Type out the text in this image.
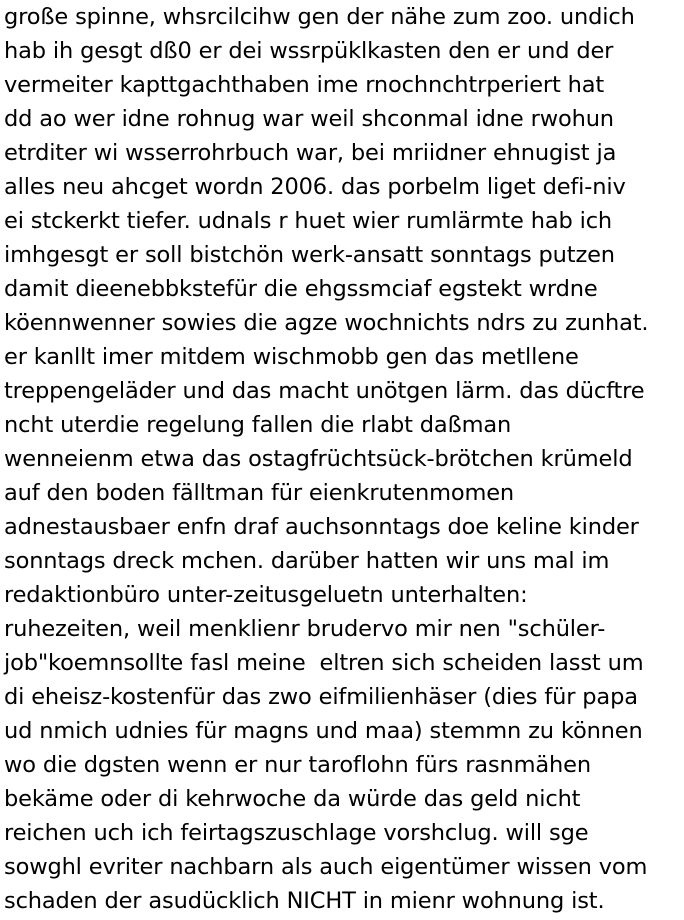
große spinne, whsrcilcihw gen der nähe zum zoo. undich
hab ih gesgt dß0 er dei wssrpüklkasten den er und der
vermeiter kapttgachthaben ime rnochnchtrperiert hat
dd ao wer idne rohnug war weil shconmal idne rwohun
etrditer wi wsserrohrbuch war, bei mriidner ehnugist ja
alles neu ahcget wordn 2006. das porbelm liget defi-niv
ei stckerkt tiefer. udnals r huet wier rumlärmte hab ich
imhgesgt er soll bistchön werk-ansatt sonntags putzen
damit dieenebbkstefür die ehgssmciaf egstekt wrdne
köennwenner sowies die agze wochnichts ndrs zu zunhat.
er kanllt imer mitdem wischmobb gen das metllene
treppengeläder und das macht unötgen lärm. das dücftre
ncht uterdie regelung fallen die rlabt daßman
wenneienm etwa das ostagfrüchtsück-brötchen krümeld
auf den boden fälltman für eienkrutenmomen
adnestausbaer enfn draf auchsonntags doe keline kinder
sonntags dreck mchen. darüber hatten wir uns mal im
redaktionbüro unter-zeitusgeluetn unterhalten:
ruhezeiten, weil menklienr brudervo mir nen "schüler-
job"koemnsollte fasl meine  eltren sich scheiden lasst um
di eheisz-kostenfür das zwo eifmilienhäser (dies für papa
ud nmich udnies für magns und maa) stemmn zu können
wo die dgsten wenn er nur taroflohn fürs rasnmähen
bekäme oder di kehrwoche da würde das geld nicht
reichen uch ich feirtagszuschlage vorshclug. will sge
sowghl evriter nachbarn als auch eigentümer wissen vom
schaden der asudücklich NICHT in mienr wohnung ist.
